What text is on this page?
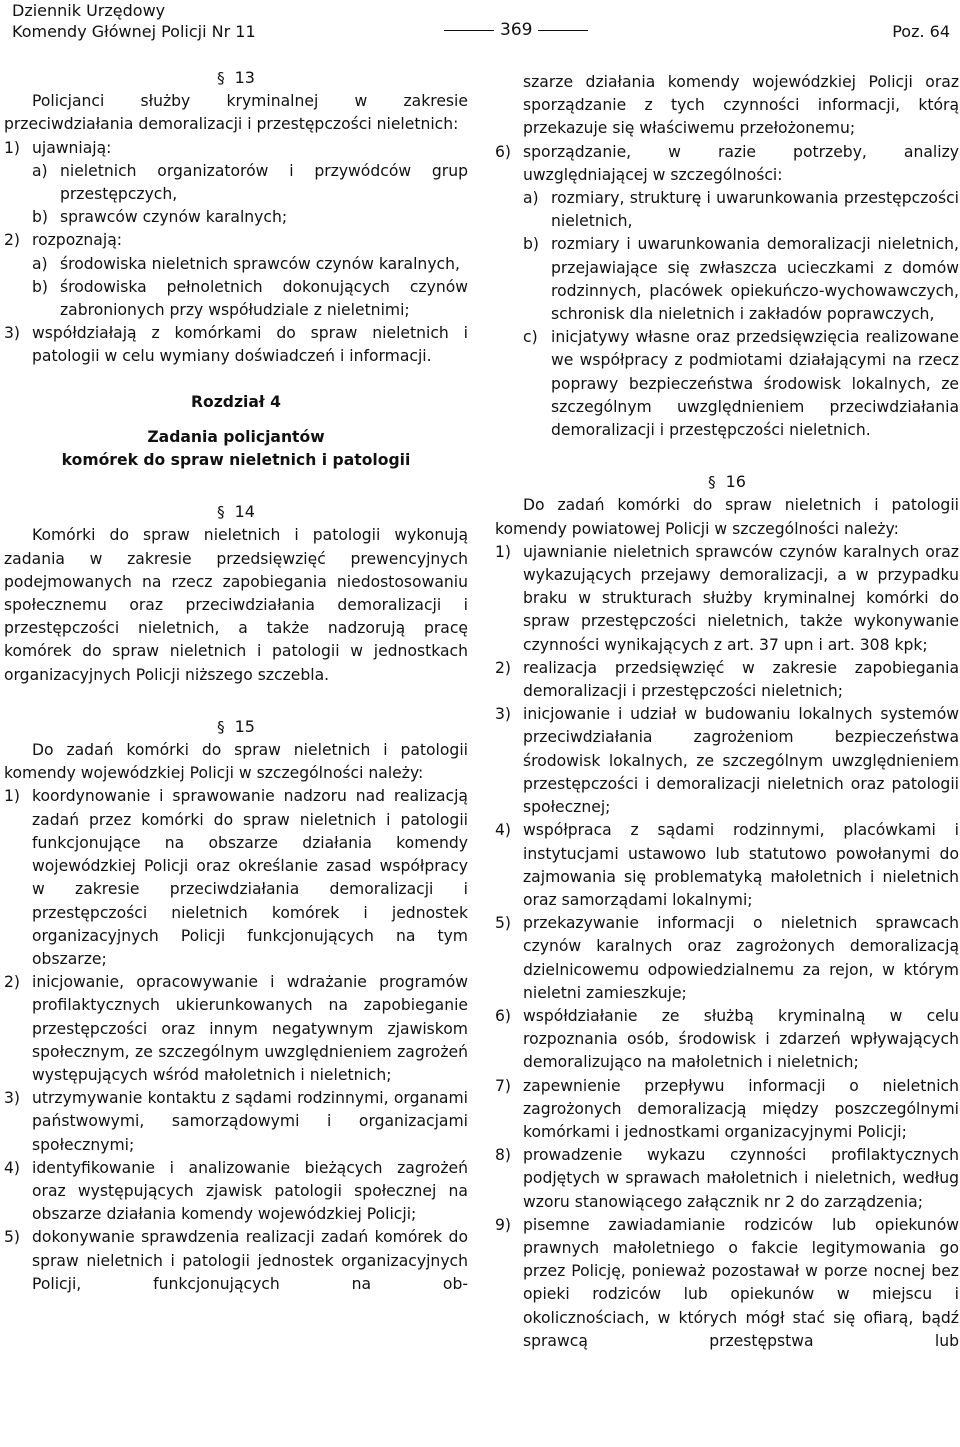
Dziennik Urzędowy
Komendy Głównej Policji Nr 11	369	Poz. 64

§ 13

Policjanci służby kryminalnej w zakresie przeciwdziałania demoralizacji i przestępczości nieletnich:

1) ujawniają:
a) nieletnich organizatorów i przywódców grup przestępczych,
b) sprawców czynów karalnych;
2) rozpoznają:
a) środowiska nieletnich sprawców czynów karalnych,
b) środowiska pełnoletnich dokonujących czynów zabronionych przy współudziale z nieletnimi;
3) współdziałają z komórkami do spraw nieletnich i patologii w celu wymiany doświadczeń i informacji.

Rozdział 4

Zadania policjantów

komórek do spraw nieletnich i patologii

§ 14

Komórki do spraw nieletnich i patologii wykonują zadania w zakresie przedsięwzięć prewencyjnych podejmowanych na rzecz zapobiegania niedostosowaniu społecznemu oraz przeciwdziałania demoralizacji i przestępczości nieletnich, a także nadzorują pracę komórek do spraw nieletnich i patologii w jednostkach organizacyjnych Policji niższego szczebla.

§ 15

Do zadań komórki do spraw nieletnich i patologii komendy wojewódzkiej Policji w szczególności należy:

1) koordynowanie i sprawowanie nadzoru nad realizacją zadań przez komórki do spraw nieletnich i patologii funkcjonujące na obszarze działania komendy wojewódzkiej Policji oraz określanie zasad współpracy w zakresie przeciwdziałania demoralizacji i przestępczości nieletnich komórek i jednostek organizacyjnych Policji funkcjonujących na tym obszarze;
2) inicjowanie, opracowywanie i wdrażanie programów profilaktycznych ukierunkowanych na zapobieganie przestępczości oraz innym negatywnym zjawiskom społecznym, ze szczególnym uwzględnieniem zagrożeń występujących wśród małoletnich i nieletnich;
3) utrzymywanie kontaktu z sądami rodzinnymi, organami państwowymi, samorządowymi i organizacjami społecznymi;
4) identyfikowanie i analizowanie bieżących zagrożeń oraz występujących zjawisk patologii społecznej na obszarze działania komendy wojewódzkiej Policji;
5) dokonywanie sprawdzenia realizacji zadań komórek do spraw nieletnich i patologii jednostek organizacyjnych Policji, funkcjonujących na ob-

szarze działania komendy wojewódzkiej Policji oraz sporządzanie z tych czynności informacji, którą przekazuje się właściwemu przełożonemu;

6) sporządzanie, w razie potrzeby, analizy uwzględniającej w szczególności:
a) rozmiary, strukturę i uwarunkowania przestępczości nieletnich,
b) rozmiary i uwarunkowania demoralizacji nieletnich, przejawiające się zwłaszcza ucieczkami z domów rodzinnych, placówek opiekuńczo-wychowawczych, schronisk dla nieletnich i zakładów poprawczych,
c) inicjatywy własne oraz przedsięwzięcia realizowane we współpracy z podmiotami działającymi na rzecz poprawy bezpieczeństwa środowisk lokalnych, ze szczególnym uwzględnieniem przeciwdziałania demoralizacji i przestępczości nieletnich.

§ 16

Do zadań komórki do spraw nieletnich i patologii komendy powiatowej Policji w szczególności należy:

1) ujawnianie nieletnich sprawców czynów karalnych oraz wykazujących przejawy demoralizacji, a w przypadku braku w strukturach służby kryminalnej komórki do spraw przestępczości nieletnich, także wykonywanie czynności wynikających z art. 37 upn i art. 308 kpk;
2) realizacja przedsięwzięć w zakresie zapobiegania demoralizacji i przestępczości nieletnich;
3) inicjowanie i udział w budowaniu lokalnych systemów przeciwdziałania zagrożeniom bezpieczeństwa środowisk lokalnych, ze szczególnym uwzględnieniem przestępczości i demoralizacji nieletnich oraz patologii społecznej;
4) współpraca z sądami rodzinnymi, placówkami i instytucjami ustawowo lub statutowo powołanymi do zajmowania się problematyką małoletnich i nieletnich oraz samorządami lokalnymi;
5) przekazywanie informacji o nieletnich sprawcach czynów karalnych oraz zagrożonych demoralizacją dzielnicowemu odpowiedzialnemu za rejon, w którym nieletni zamieszkuje;
6) współdziałanie ze służbą kryminalną w celu rozpoznania osób, środowisk i zdarzeń wpływających demoralizująco na małoletnich i nieletnich;
7) zapewnienie przepływu informacji o nieletnich zagrożonych demoralizacją między poszczególnymi komórkami i jednostkami organizacyjnymi Policji;
8) prowadzenie wykazu czynności profilaktycznych podjętych w sprawach małoletnich i nieletnich, według wzoru stanowiącego załącznik nr 2 do zarządzenia;
9) pisemne zawiadamianie rodziców lub opiekunów prawnych małoletniego o fakcie legitymowania go przez Policję, ponieważ pozostawał w porze nocnej bez opieki rodziców lub opiekunów w miejscu i okolicznościach, w których mógł stać się ofiarą, bądź sprawcą przestępstwa lub
